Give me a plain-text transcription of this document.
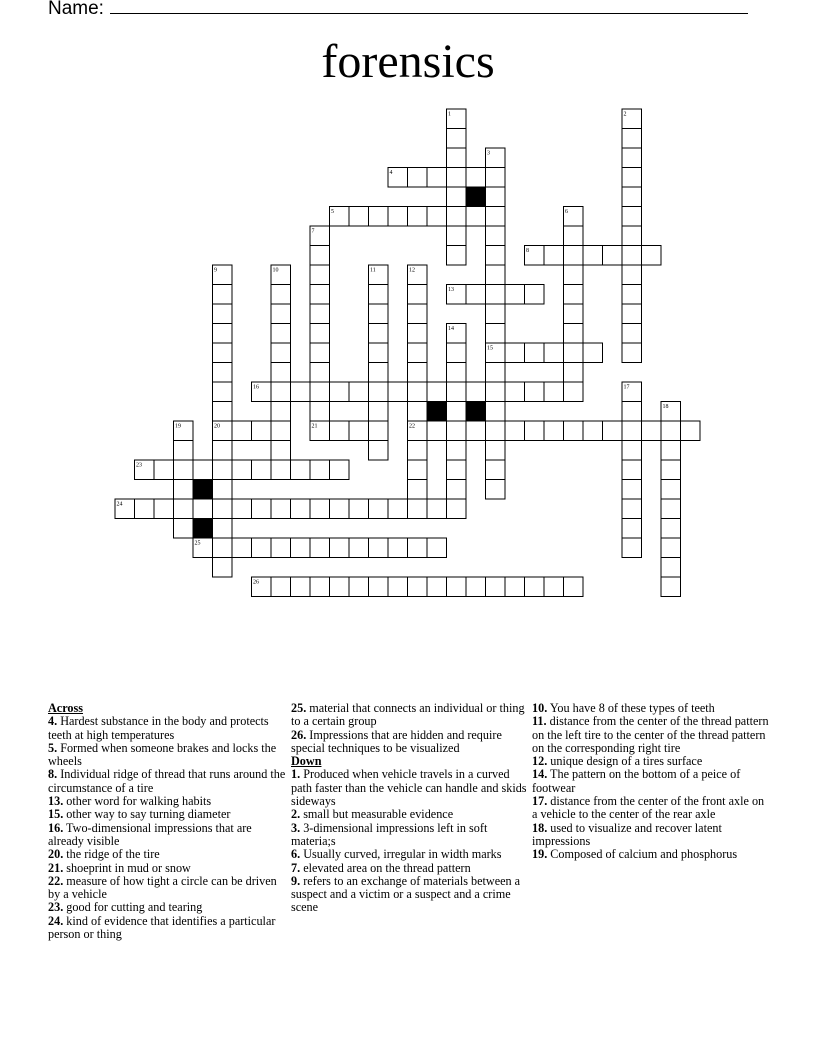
Name:
forensics
1	2
3
4
5	6
7
8
9	10	11	12
13
14
15
16	17
18
19	20	21	22
23
24
25
26

Across

4. Hardest substance in the body and protects teeth at high temperatures

5. Formed when someone brakes and locks the wheels

8. Individual ridge of thread that runs around the circumstance of a tire

13. other word for walking habits

15. other way to say turning diameter

16. Two-dimensional impressions that are already visible

20. the ridge of the tire

21. shoeprint in mud or snow

22. measure of how tight a circle can be driven by a vehicle

23. good for cutting and tearing

24. kind of evidence that identifies a particular person or thing

25. material that connects an individual or thing to a certain group

26. Impressions that are hidden and require special techniques to be visualized

Down

1. Produced when vehicle travels in a curved path faster than the vehicle can handle and skids sideways

2. small but measurable evidence

3. 3-dimensional impressions left in soft materia;s

6. Usually curved, irregular in width marks

7. elevated area on the thread pattern

9. refers to an exchange of materials between a suspect and a victim or a suspect and a crime scene

10. You have 8 of these types of teeth

11. distance from the center of the thread pattern on the left tire to the center of the thread pattern on the corresponding right tire

12. unique design of a tires surface

14. The pattern on the bottom of a peice of footwear

17. distance from the center of the front axle on a vehicle to the center of the rear axle

18. used to visualize and recover latent impressions

19. Composed of calcium and phosphorus
